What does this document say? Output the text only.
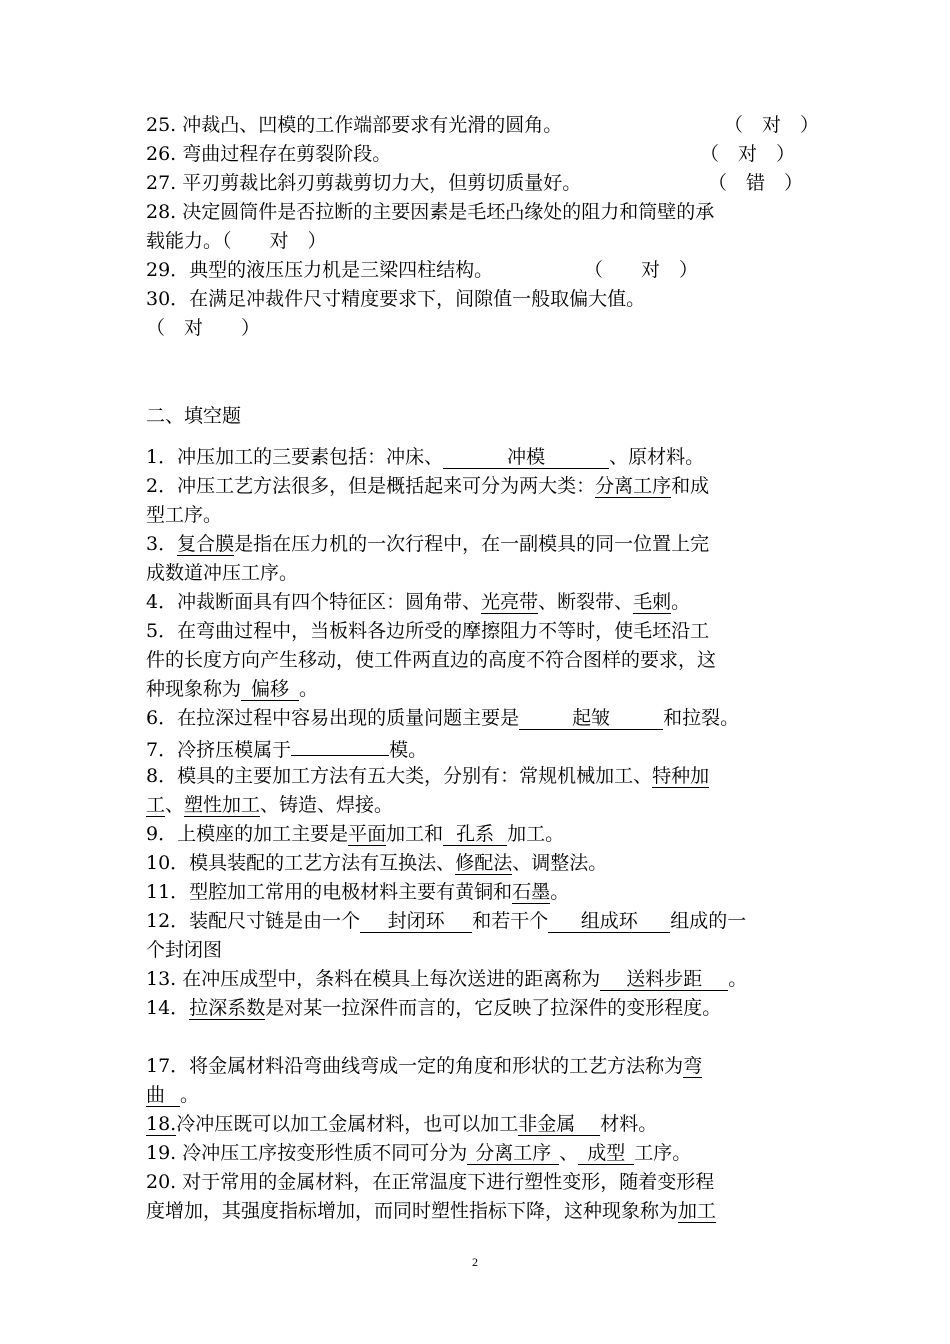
25. 冲裁凸、凹模的工作端部要求有光滑的圆角。	（　对　）
26. 弯曲过程存在剪裂阶段。	（　对　）
27. 平刃剪裁比斜刃剪裁剪切力大，但剪切质量好。	（　错　）
28. 决定圆筒件是否拉断的主要因素是毛坯凸缘处的阻力和筒壁的承
载能力。（　　对　）
29．典型的液压压力机是三梁四柱结构。	（　　对　）
30．在满足冲裁件尺寸精度要求下，间隙值一般取偏大值。
（　对　　）
二、填空题
1．冲压加工的三要素包括：冲床、	冲模	、原材料。
2．冲压工艺方法很多，但是概括起来可分为两大类：分离工序和成
型工序。
3．复合膜是指在压力机的一次行程中，在一副模具的同一位置上完
成数道冲压工序。
4．冲裁断面具有四个特征区：圆角带、光亮带、断裂带、毛刺。
5．在弯曲过程中，当板料各边所受的摩擦阻力不等时，使毛坯沿工
件的长度方向产生移动，使工件两直边的高度不符合图样的要求，这
种现象称为 偏移 。
6．在拉深过程中容易出现的质量问题主要是	起皱	和拉裂。
7．冷挤压模属于	模。
8．模具的主要加工方法有五大类，分别有：常规机械加工、特种加
工、塑性加工、铸造、焊接。
9．上模座的加工主要是平面加工和 孔系 加工。
10．模具装配的工艺方法有互换法、修配法、调整法。
11．型腔加工常用的电极材料主要有黄铜和石墨。
12．装配尺寸链是由一个 封闭环 和若干个 组成环 组成的一
个封闭图
13. 在冲压成型中，条料在模具上每次送进的距离称为 送料步距 。
14．拉深系数是对某一拉深件而言的，它反映了拉深件的变形程度。
17．将金属材料沿弯曲线弯成一定的角度和形状的工艺方法称为弯
曲 。
18.冷冲压既可以加工金属材料，也可以加工非金属 材料。
19. 冷冲压工序按变形性质不同可分为 分离工序 、 成型 工序。
20. 对于常用的金属材料，在正常温度下进行塑性变形，随着变形程
度增加，其强度指标增加，而同时塑性指标下降，这种现象称为加工
2
